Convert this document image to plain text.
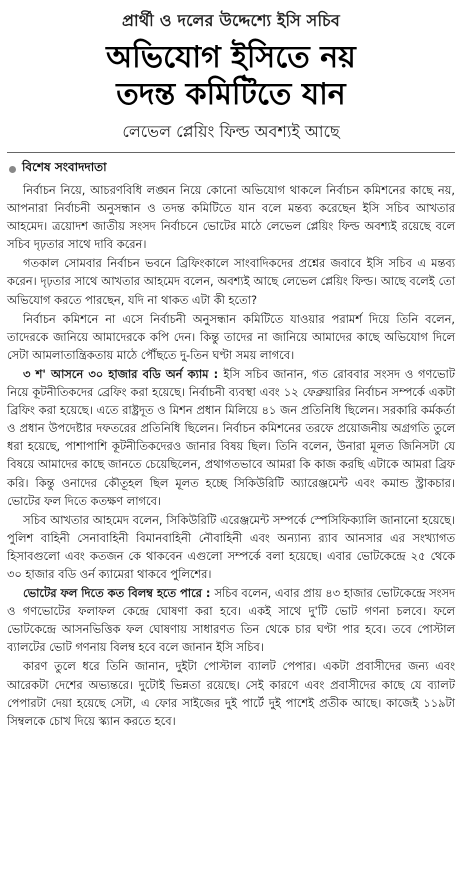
প্রার্থী ও দলের উদ্দেশ্যে ইসি সচিব
অভিযোগ ইসিতে নয়
তদন্ত কমিটিতে যান
লেভেল প্লেয়িং ফিল্ড অবশ্যই আছে
বিশেষ সংবাদদাতা

নির্বাচন নিয়ে, আচরণবিধি লঙ্ঘন নিয়ে কোনো অভিযোগ থাকলে নির্বাচন কমিশনের কাছে নয়, আপনারা নির্বাচনী অনুসন্ধান ও তদন্ত কমিটিতে যান বলে মন্তব্য করেছেন ইসি সচিব আখতার আহমেদ। ত্রয়োদশ জাতীয় সংসদ নির্বাচনে ভোটের মাঠে লেভেল প্লেয়িং ফিল্ড অবশ্যই রয়েছে বলে সচিব দৃঢ়তার সাথে দাবি করেন।

গতকাল সোমবার নির্বাচন ভবনে ব্রিফিংকালে সাংবাদিকদের প্রশ্নের জবাবে ইসি সচিব এ মন্তব্য করেন। দৃঢ়তার সাথে আখতার আহমেদ বলেন, অবশ্যই আছে লেভেল প্লেয়িং ফিল্ড। আছে বলেই তো অভিযোগ করতে পারছেন, যদি না থাকত এটা কী হতো?

নির্বাচন কমিশনে না এসে নির্বাচনী অনুসন্ধান কমিটিতে যাওয়ার পরামর্শ দিয়ে তিনি বলেন, তাদেরকে জানিয়ে আমাদেরকে কপি দেন। কিন্তু তাদের না জানিয়ে আমাদের কাছে অভিযোগ দিলে সেটা আমলাতান্ত্রিকতায় মাঠে পৌঁছতে দু-তিন ঘণ্টা সময় লাগবে।

৩ শ' আসনে ৩০ হাজার বডি অর্ন ক্যাম : ইসি সচিব জানান, গত রোববার সংসদ ও গণভোট নিয়ে কূটনীতিকদের ব্রেফিং করা হয়েছে। নির্বাচনী ব্যবস্থা এবং ১২ ফেব্রুয়ারির নির্বাচন সম্পর্কে একটা ব্রিফিং করা হয়েছে। এতে রাষ্ট্রদূত ও মিশন প্রধান মিলিয়ে ৪১ জন প্রতিনিধি ছিলেন। সরকারি কর্মকর্তা ও প্রধান উপদেষ্টার দফতরের প্রতিনিধি ছিলেন। নির্বাচন কমিশনের তরফে প্রয়োজনীয় অগ্রগতি তুলে ধরা হয়েছে, পাশাপাশি কূটনীতিকদেরও জানার বিষয় ছিল। তিনি বলেন, উনারা মূলত জিনিসটা যে বিষয়ে আমাদের কাছে জানতে চেয়েছিলেন, প্রথাগতভাবে আমরা কি কাজ করছি এটাকে আমরা ব্রিফ করি। কিন্তু ওনাদের কৌতূহল ছিল মূলত হচ্ছে সিকিউরিটি অ্যারেঞ্জমেন্ট এবং কমান্ড স্ট্রাকচার। ভোটের ফল দিতে কতক্ষণ লাগবে।

সচিব আখতার আহমেদ বলেন, সিকিউরিটি এরেঞ্জমেন্ট সম্পর্কে স্পেসিফিক্যালি জানানো হয়েছে। পুলিশ বাহিনী সেনাবাহিনী বিমানবাহিনী নৌবাহিনী এবং অন্যান্য র‍্যাব আনসার এর সংখ্যাগত হিসাবগুলো এবং কতজন কে থাকবেন এগুলো সম্পর্কে বলা হয়েছে। এবার ভোটকেন্দ্রে ২৫ থেকে ৩০ হাজার বডি ওর্ন ক্যামেরা থাকবে পুলিশের।

ভোটের ফল দিতে কত বিলম্ব হতে পারে : সচিব বলেন, এবার প্রায় ৪৩ হাজার ভোটকেন্দ্রে সংসদ ও গণভোটের ফলাফল কেন্দ্রে ঘোষণা করা হবে। একই সাথে দু'টি ভোট গণনা চলবে। ফলে ভোটকেন্দ্রে আসনভিত্তিক ফল ঘোষণায় সাধারণত তিন থেকে চার ঘণ্টা পার হবে। তবে পোস্টাল ব্যালটের ভোট গণনায় বিলম্ব হবে বলে জানান ইসি সচিব।

কারণ তুলে ধরে তিনি জানান, দুইটা পোস্টাল ব্যালট পেপার। একটা প্রবাসীদের জন্য এবং আরেকটা দেশের অভ্যন্তরে। দুটোই ভিন্নতা রয়েছে। সেই কারণে এবং প্রবাসীদের কাছে যে ব্যালট পেপারটা দেয়া হয়েছে সেটা, এ ফোর সাইজের দুই পার্টে দুই পাশেই প্রতীক আছে। কাজেই ১১৯টা সিম্বলকে চোখ দিয়ে স্ক্যান করতে হবে।
